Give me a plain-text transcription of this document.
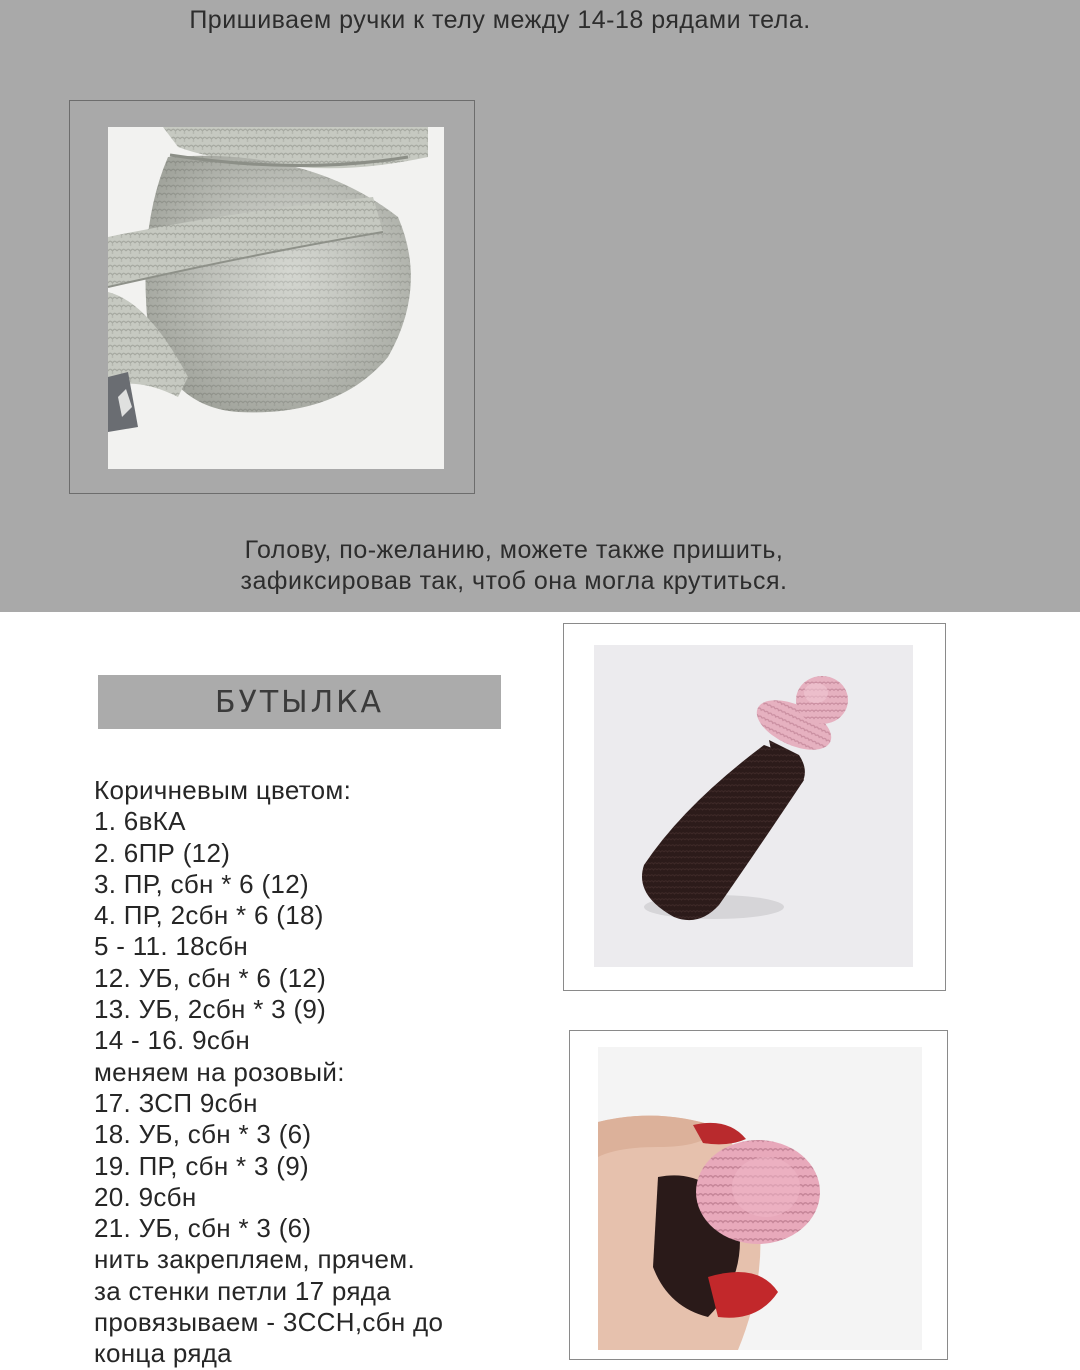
Пришиваем ручки к телу между 14-18 рядами тела.

Голову, по-желанию, можете также пришить,
зафиксировав так, чтоб она могла крутиться.

БУТЫЛКА
Коричневым цветом:
1. 6вКА
2. 6ПР (12)
3. ПР, сбн * 6 (12)
4. ПР, 2сбн * 6 (18)
5 - 11. 18сбн
12. УБ, сбн * 6 (12)
13. УБ, 2сбн * 3 (9)
14 - 16. 9сбн
меняем на розовый:
17. ЗСП 9сбн
18. УБ, сбн * 3 (6)
19. ПР, сбн * 3 (9)
20. 9сбн
21. УБ, сбн * 3 (6)
нить закрепляем, прячем.
за стенки петли 17 ряда
провязываем - 3ССН,сбн до
конца ряда
